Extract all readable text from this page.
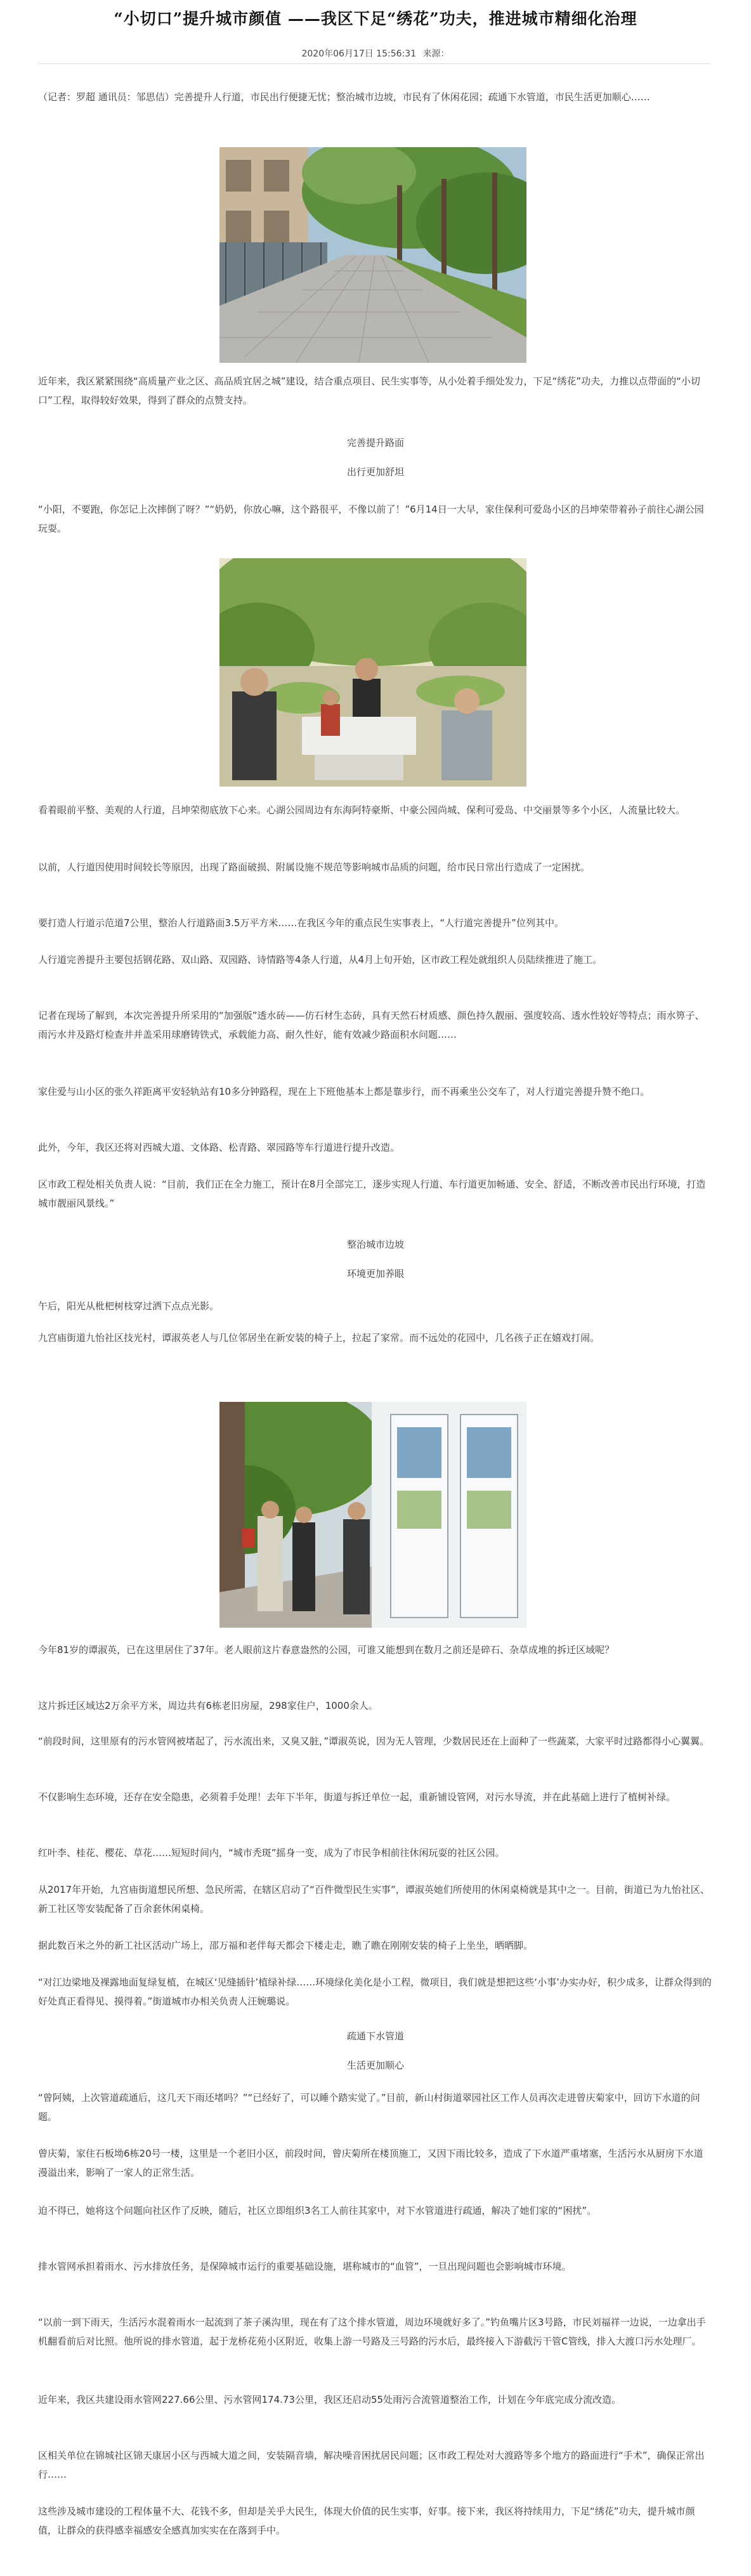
“小切口”提升城市颜值 ——我区下足“绣花”功夫，推进城市精细化治理
2020年06月17日 15:56:31 来源：

（记者：罗超 通讯员：邹思佶）完善提升人行道，市民出行便捷无忧；整治城市边坡，市民有了休闲花园；疏通下水管道，市民生活更加顺心……

近年来，我区紧紧围绕“高质量产业之区、高品质宜居之城”建设，结合重点项目、民生实事等，从小处着手细处发力，下足“绣花”功夫，力推以点带面的“小切口”工程，取得较好效果，得到了群众的点赞支持。

完善提升路面

出行更加舒坦

“小阳，不要跑，你怎记上次摔倒了呀？”“奶奶，你放心嘛，这个路很平，不像以前了！”6月14日一大早，家住保利可爱岛小区的吕坤荣带着孙子前往心湖公园玩耍。

看着眼前平整、美观的人行道，吕坤荣彻底放下心来。心湖公园周边有东海阿特豪斯、中豪公园尚城、保利可爱岛、中交丽景等多个小区，人流量比较大。

以前，人行道因使用时间较长等原因，出现了路面破损、附属设施不规范等影响城市品质的问题，给市民日常出行造成了一定困扰。

要打造人行道示范道7公里，整治人行道路面3.5万平方米……在我区今年的重点民生实事表上，“人行道完善提升”位列其中。

人行道完善提升主要包括钢花路、双山路、双园路、诗情路等4条人行道，从4月上旬开始，区市政工程处就组织人员陆续推进了施工。

记者在现场了解到，本次完善提升所采用的“加强版”透水砖——仿石材生态砖，具有天然石材质感、颜色持久靓丽、强度较高、透水性较好等特点；雨水箅子、雨污水井及路灯检查井并盖采用球磨铸铁式，承载能力高、耐久性好，能有效减少路面积水问题……

家住爱与山小区的张久祥距离平安轻轨站有10多分钟路程，现在上下班他基本上都是靠步行，而不再乘坐公交车了，对人行道完善提升赞不绝口。

此外，今年，我区还将对西城大道、文体路、松青路、翠园路等车行道进行提升改造。

区市政工程处相关负责人说：“目前，我们正在全力施工，预计在8月全部完工，逐步实现人行道、车行道更加畅通、安全、舒适，不断改善市民出行环境，打造城市靓丽风景线。”

整治城市边坡

环境更加养眼

午后，阳光从枇杷树枝穿过洒下点点光影。

九宫庙街道九怡社区技光村，谭淑英老人与几位邻居坐在新安装的椅子上，拉起了家常。而不远处的花园中，几名孩子正在嬉戏打闹。

今年81岁的谭淑英，已在这里居住了37年。老人眼前这片春意盎然的公园，可谁又能想到在数月之前还是碎石、杂草成堆的拆迁区域呢？

这片拆迁区域达2万余平方米，周边共有6栋老旧房屋，298家住户，1000余人。

“前段时间，这里原有的污水管网被堵起了，污水流出来，又臭又脏，”谭淑英说，因为无人管理，少数居民还在上面种了一些蔬菜，大家平时过路都得小心翼翼。

不仅影响生态环境，还存在安全隐患，必须着手处理！去年下半年，街道与拆迁单位一起，重新铺设管网，对污水导流，并在此基础上进行了植树补绿。

红叶李、桂花、樱花、草花……短短时间内，“城市秃斑”摇身一变，成为了市民争相前往休闲玩耍的社区公园。

从2017年开始，九宫庙街道想民所想、急民所需，在辖区启动了“百件微型民生实事”，谭淑英她们所使用的休闲桌椅就是其中之一。目前，街道已为九怡社区、新工社区等安装配备了百余套休闲桌椅。

据此数百米之外的新工社区活动广场上，邵万福和老伴每天都会下楼走走，瞧了瞧在刚刚安装的椅子上坐坐，晒晒脚。

“对江边梁地及裸露地面复绿复植，在城区‘见缝插针’植绿补绿……环境绿化美化是小工程，微项目，我们就是想把这些‘小事’办实办好，积少成多，让群众得到的好处真正看得见、摸得着。”街道城市办相关负责人汪婉璐说。

疏通下水管道

生活更加顺心

“曾阿姨，上次管道疏通后，这几天下雨还堵吗？”“已经好了，可以睡个踏实觉了。”目前，新山村街道翠园社区工作人员再次走进曾庆菊家中，回访下水道的问题。

曾庆菊，家住石板坳6栋20号一楼，这里是一个老旧小区，前段时间，曾庆菊所在楼顶施工，又因下雨比较多，造成了下水道严重堵塞，生活污水从厨房下水道漫溢出来，影响了一家人的正常生活。

迫不得已，她将这个问题向社区作了反映，随后，社区立即组织3名工人前往其家中，对下水管道进行疏通，解决了她们家的“困扰”。

排水管网承担着雨水、污水排放任务，是保障城市运行的重要基础设施，堪称城市的“血管”，一旦出现问题也会影响城市环境。

“以前一到下雨天，生活污水混着雨水一起流到了茶子溪沟里，现在有了这个排水管道，周边环境就好多了。”钓鱼嘴片区3号路，市民刘福祥一边说，一边拿出手机翻看前后对比照。他所说的排水管道，起于龙桥花苑小区附近，收集上游一号路及三号路的污水后，最终接入下游截污干管C管线，排入大渡口污水处理厂。

近年来，我区共建设雨水管网227.66公里、污水管网174.73公里，我区还启动55处雨污合流管道整治工作，计划在今年底完成分流改造。

区相关单位在锦城社区锦天康居小区与西城大道之间，安装隔音墙，解决噪音困扰居民问题；区市政工程处对大渡路等多个地方的路面进行“手术”，确保正常出行……

这些涉及城市建设的工程体量不大、花钱不多，但却是关乎大民生，体现大价值的民生实事，好事。接下来，我区将持续用力，下足“绣花”功夫，提升城市颜值，让群众的获得感幸福感安全感真加实实在在落到手中。
